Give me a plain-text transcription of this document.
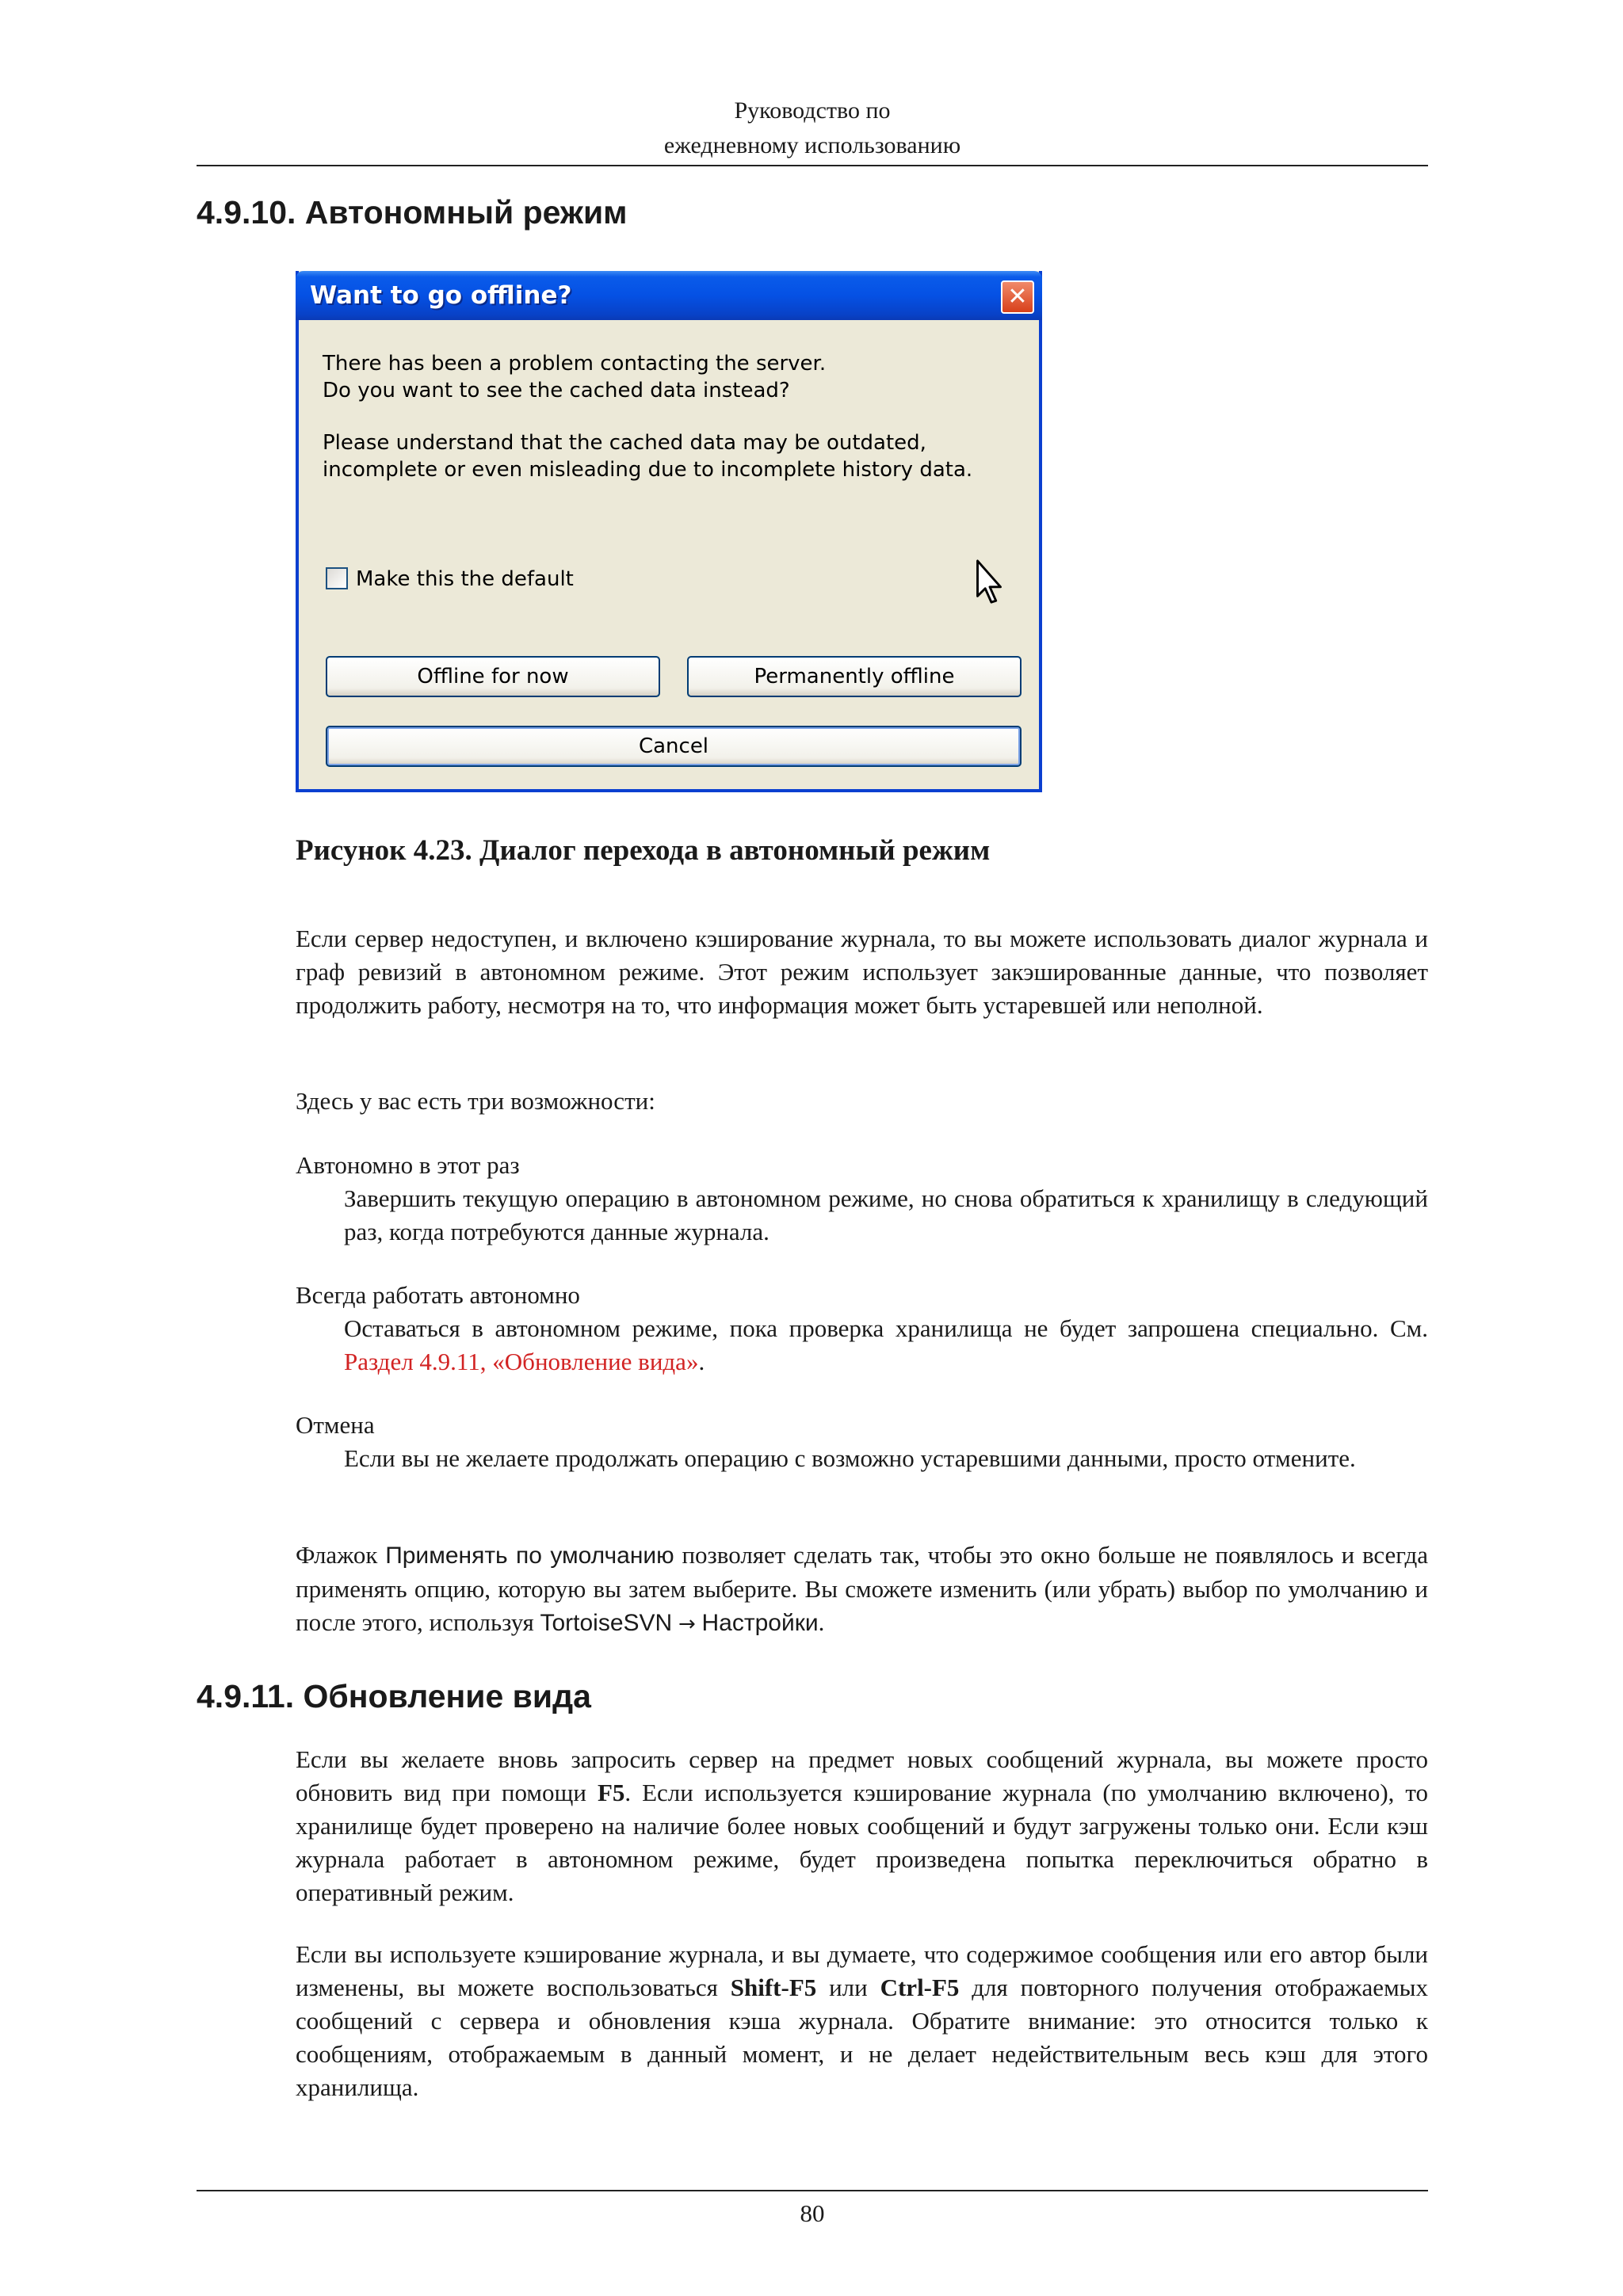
Руководство по
ежедневному использованию
4.9.10. Автономный режим
Want to go offline?	✕

There has been a problem contacting the server.

Do you want to see the cached data instead?

Please understand that the cached data may be outdated,

incomplete or even misleading due to incomplete history data.

Make this the default
Offline for now	Permanently offline
Cancel

Рисунок 4.23. Диалог перехода в автономный режим

Если сервер недоступен, и включено кэширование журнала, то вы можете использовать диалог журнала и граф ревизий в автономном режиме. Этот режим использует закэшированные данные, что позволяет продолжить работу, несмотря на то, что информация может быть устаревшей или неполной.

Здесь у вас есть три возможности:

Автономно в этот раз

Завершить текущую операцию в автономном режиме, но снова обратиться к хранилищу в следующий раз, когда потребуются данные журнала.

Всегда работать автономно

Оставаться в автономном режиме, пока проверка хранилища не будет запрошена специально. См. Раздел 4.9.11, «Обновление вида».

Отмена

Если вы не желаете продолжать операцию с возможно устаревшими данными, просто отмените.

Флажок Применять по умолчанию позволяет сделать так, чтобы это окно больше не появлялось и всегда применять опцию, которую вы затем выберите. Вы сможете изменить (или убрать) выбор по умолчанию и после этого, используя TortoiseSVN → Настройки.

4.9.11. Обновление вида

Если вы желаете вновь запросить сервер на предмет новых сообщений журнала, вы можете просто обновить вид при помощи F5. Если используется кэширование журнала (по умолчанию включено), то хранилище будет проверено на наличие более новых сообщений и будут загружены только они. Если кэш журнала работает в автономном режиме, будет произведена попытка переключиться обратно в оперативный режим.

Если вы используете кэширование журнала, и вы думаете, что содержимое сообщения или его автор были изменены, вы можете воспользоваться Shift-F5 или Ctrl-F5 для повторного получения отображаемых сообщений с сервера и обновления кэша журнала. Обратите внимание: это относится только к сообщениям, отображаемым в данный момент, и не делает недействительным весь кэш для этого хранилища.

80
